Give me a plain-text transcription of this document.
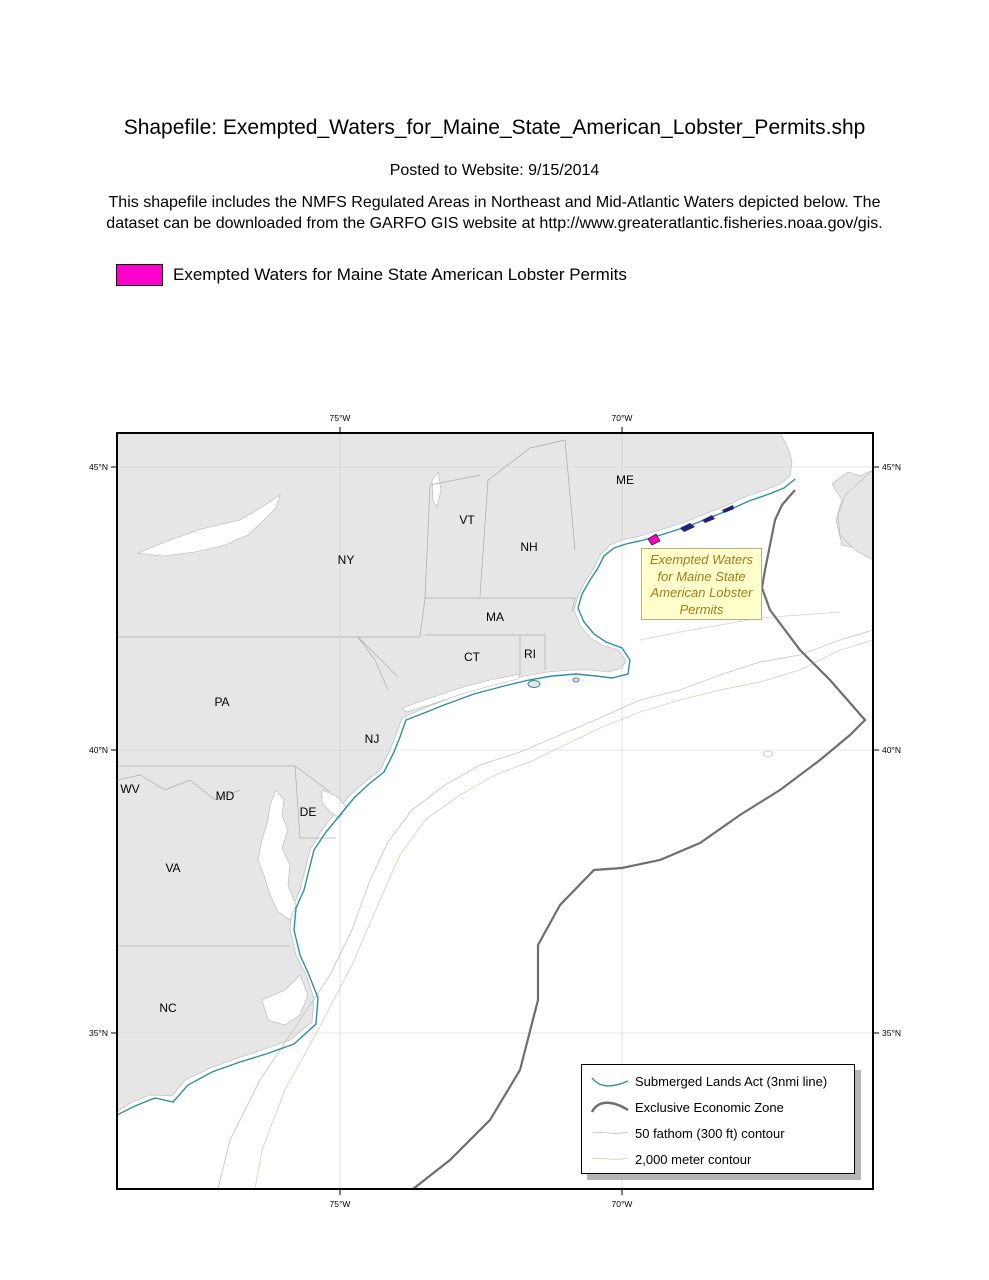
Shapefile: Exempted_Waters_for_Maine_State_American_Lobster_Permits.shp
Posted to Website: 9/15/2014
This shapefile includes the NMFS Regulated Areas in Northeast and Mid-Atlantic Waters depicted below. The
dataset can be downloaded from the GARFO GIS website at http://www.greateratlantic.fisheries.noaa.gov/gis.
Exempted Waters for Maine State American Lobster Permits
75°W	70°W
75°W	70°W
45°N
40°N
35°N
45°N
40°N
35°N
ME
VT
NH
NY
MA
CT	RI
PA
NJ
WV	MD
DE
VA
NC
Exempted Waters
for Maine State
American Lobster
Permits
Submerged Lands Act (3nmi line)
Exclusive Economic Zone
50 fathom (300 ft) contour
2,000 meter contour
